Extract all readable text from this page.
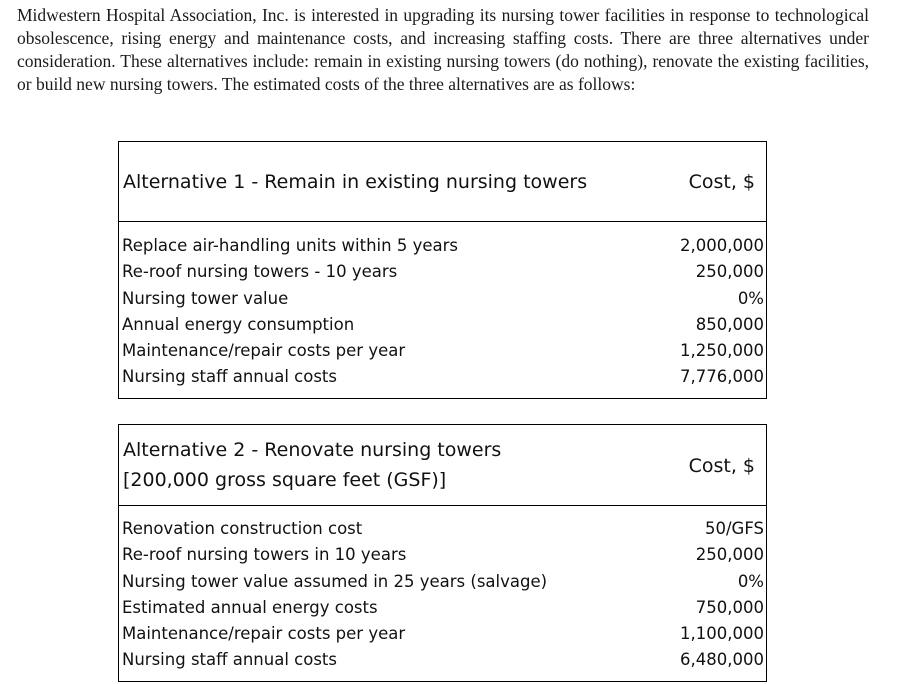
Midwestern Hospital Association, Inc. is interested in upgrading its nursing tower facilities in response to technological obsolescence, rising energy and maintenance costs, and increasing staffing costs. There are three alternatives under consideration. These alternatives include: remain in existing nursing towers (do nothing), renovate the existing facilities, or build new nursing towers. The estimated costs of the three alternatives are as follows:
Alternative 1 - Remain in existing nursing towers	Cost, $
Replace air-handling units within 5 years	2,000,000
Re-roof nursing towers - 10 years	250,000
Nursing tower value	0%
Annual energy consumption	850,000
Maintenance/repair costs per year	1,250,000
Nursing staff annual costs	7,776,000
Alternative 2 - Renovate nursing towers
[200,000 gross square feet (GSF)]
Cost, $
Renovation construction cost	50/GFS
Re-roof nursing towers in 10 years	250,000
Nursing tower value assumed in 25 years (salvage)	0%
Estimated annual energy costs	750,000
Maintenance/repair costs per year	1,100,000
Nursing staff annual costs	6,480,000
